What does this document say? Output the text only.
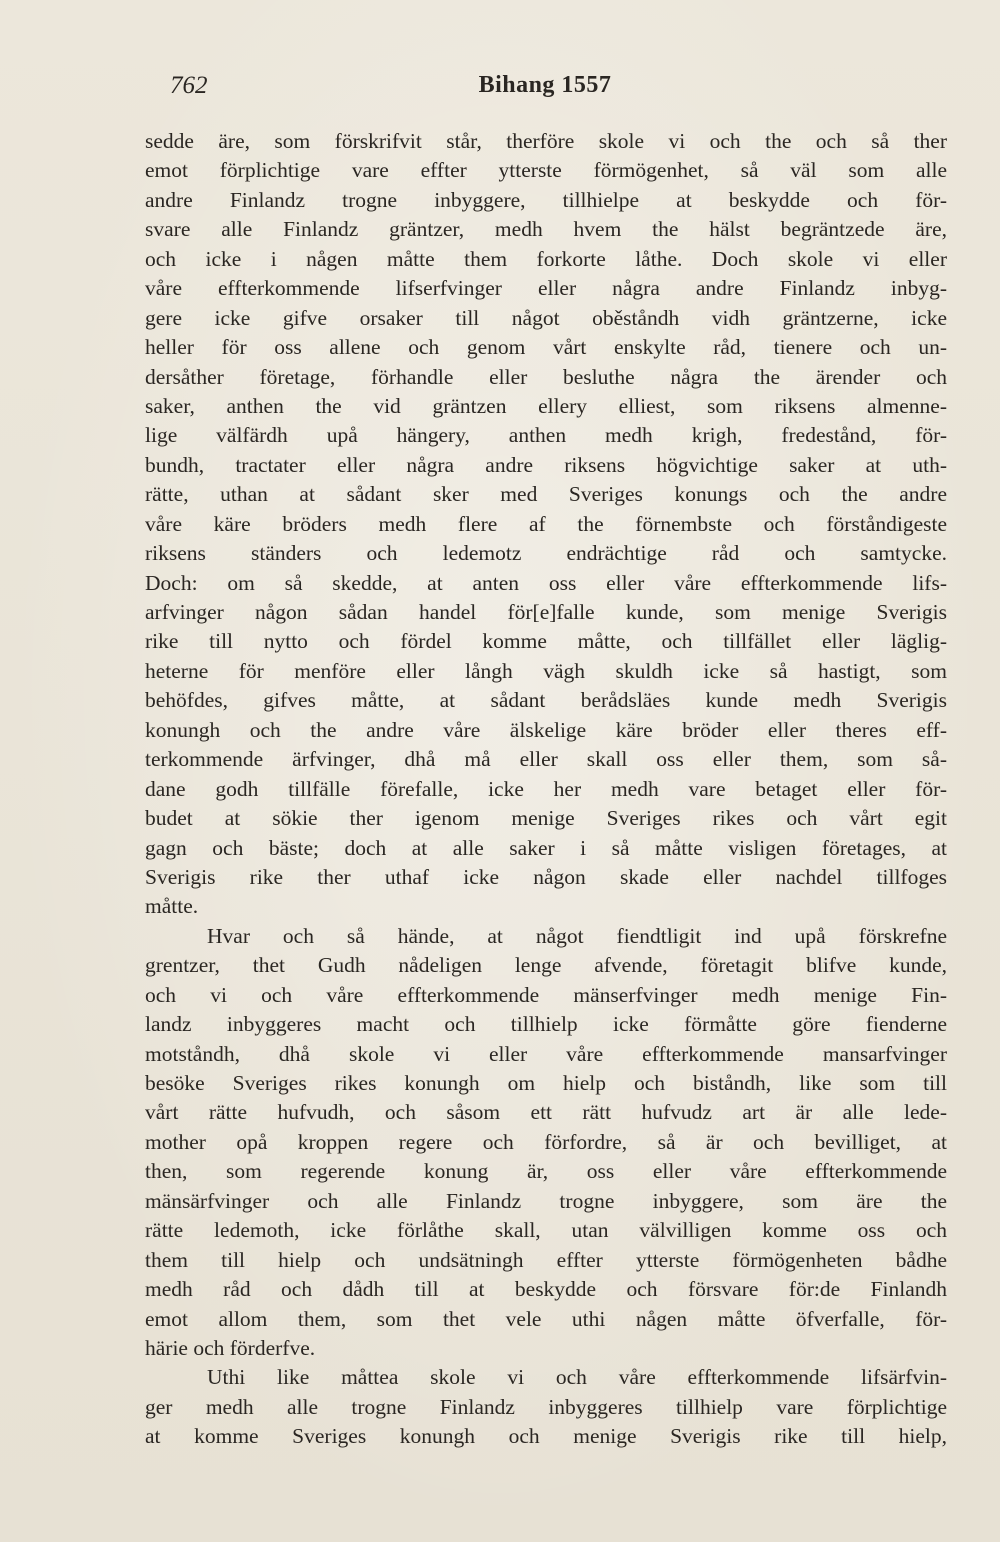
762	Bihang 1557
sedde äre, som förskrifvit står, therföre skole vi och the och så ther
emot förplichtige vare effter ytterste förmögenhet, så väl som alle
andre Finlandz trogne inbyggere, tillhielpe at beskydde och för-
svare alle Finlandz gräntzer, medh hvem the hälst begräntzede äre,
och icke i någen måtte them forkorte låthe. Doch skole vi eller
våre effterkommende lifserfvinger eller några andre Finlandz inbyg-
gere icke gifve orsaker till något oběståndh vidh gräntzerne, icke
heller för oss allene och genom vårt enskylte råd, tienere och un-
dersåther företage, förhandle eller besluthe några the ärender och
saker, anthen the vid gräntzen ellery elliest, som riksens almenne-
lige välfärdh upå hängery, anthen medh krigh, fredestånd, för-
bundh, tractater eller några andre riksens högvichtige saker at uth-
rätte, uthan at sådant sker med Sveriges konungs och the andre
våre käre bröders medh flere af the förnembste och förståndigeste
riksens ständers och ledemotz endrächtige råd och samtycke.
Doch: om så skedde, at anten oss eller våre effterkommende lifs-
arfvinger någon sådan handel för[e]falle kunde, som menige Sverigis
rike till nytto och fördel komme måtte, och tillfället eller läglig-
heterne för menföre eller långh vägh skuldh icke så hastigt, som
behöfdes, gifves måtte, at sådant berådsläes kunde medh Sverigis
konungh och the andre våre älskelige käre bröder eller theres eff-
terkommende ärfvinger, dhå må eller skall oss eller them, som så-
dane godh tillfälle förefalle, icke her medh vare betaget eller för-
budet at sökie ther igenom menige Sveriges rikes och vårt egit
gagn och bäste; doch at alle saker i så måtte visligen företages, at
Sverigis rike ther uthaf icke någon skade eller nachdel tillfoges
måtte.
Hvar och så hände, at något fiendtligit ind upå förskrefne
grentzer, thet Gudh nådeligen lenge afvende, företagit blifve kunde,
och vi och våre effterkommende mänserfvinger medh menige Fin-
landz inbyggeres macht och tillhielp icke förmåtte göre fienderne
motståndh, dhå skole vi eller våre effterkommende mansarfvinger
besöke Sveriges rikes konungh om hielp och biståndh, like som till
vårt rätte hufvudh, och såsom ett rätt hufvudz art är alle lede-
mother opå kroppen regere och förfordre, så är och bevilliget, at
then, som regerende konung är, oss eller våre effterkommende
mänsärfvinger och alle Finlandz trogne inbyggere, som äre the
rätte ledemoth, icke förlåthe skall, utan välvilligen komme oss och
them till hielp och undsätningh effter ytterste förmögenheten bådhe
medh råd och dådh till at beskydde och försvare för:de Finlandh
emot allom them, som thet vele uthi någen måtte öfverfalle, för-
härie och förderfve.
Uthi like måttea skole vi och våre effterkommende lifsärfvin-
ger medh alle trogne Finlandz inbyggeres tillhielp vare förplichtige
at komme Sveriges konungh och menige Sverigis rike till hielp,
